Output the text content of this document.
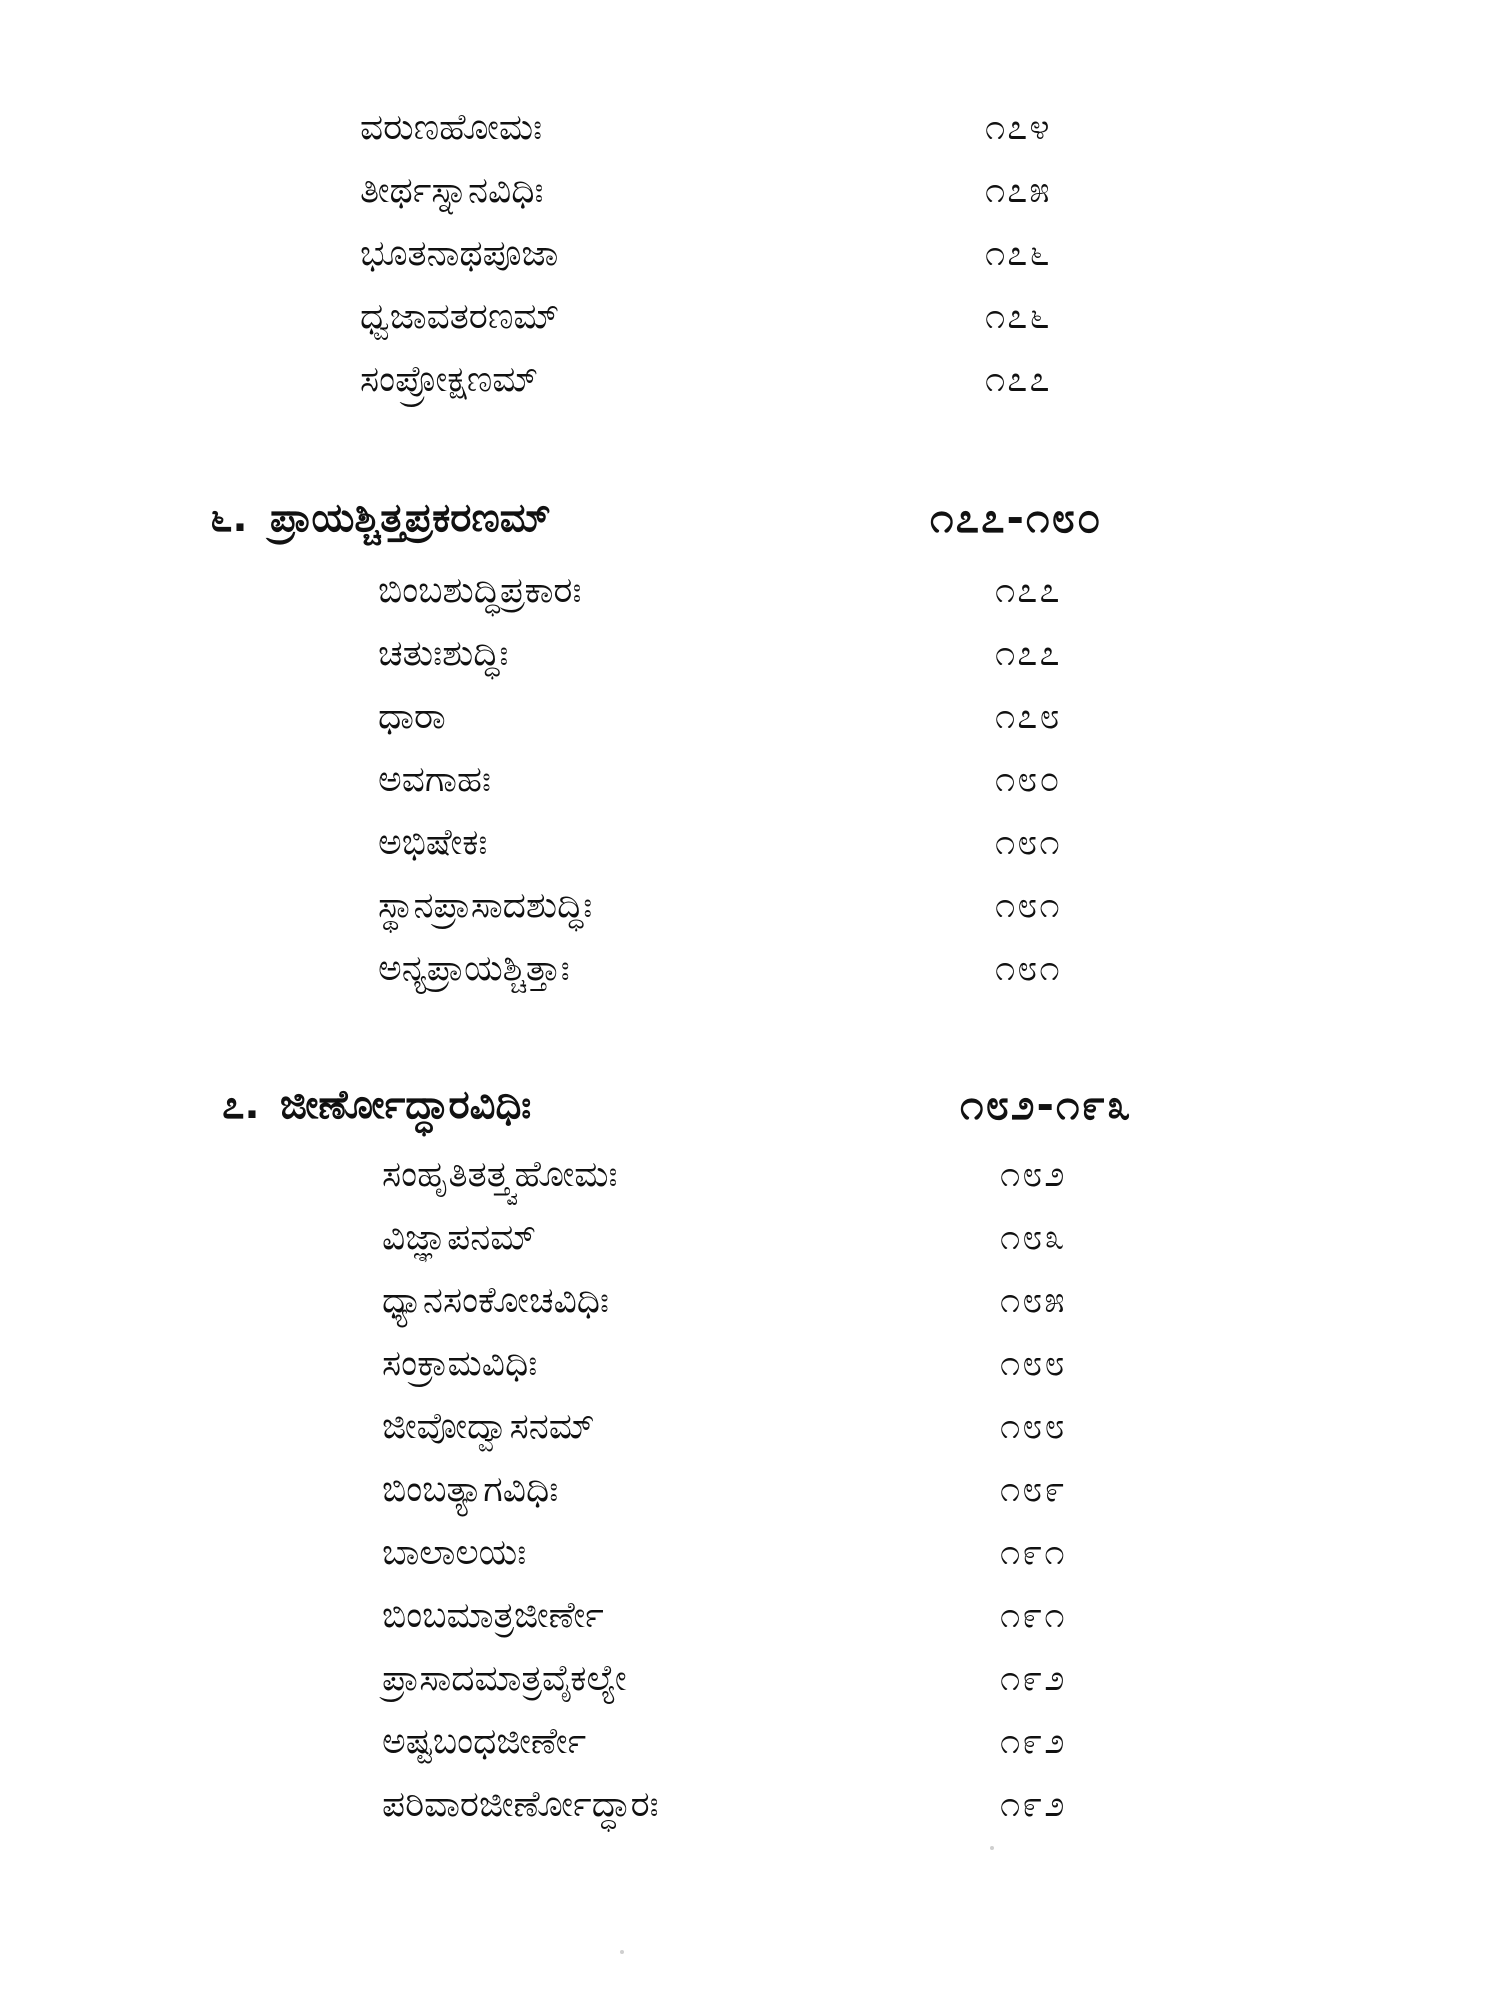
ವರುಣಹೋಮಃ	೧೭೪
ತೀರ್ಥಸ್ನಾನವಿಧಿಃ	೧೭೫
ಭೂತನಾಥಪೂಜಾ	೧೭೬
ಧ್ವಜಾವತರಣಮ್	೧೭೬
ಸಂಪ್ರೋಕ್ಷಣಮ್	೧೭೭
೬. ಪ್ರಾಯಶ್ಚಿತ್ತಪ್ರಕರಣಮ್	೧೭೭-೧೮೦
ಬಿಂಬಶುದ್ಧಿಪ್ರಕಾರಃ	೧೭೭
ಚತುಃಶುದ್ಧಿಃ	೧೭೭
ಧಾರಾ	೧೭೮
ಅವಗಾಹಃ	೧೮೦
ಅಭಿಷೇಕಃ	೧೮೧
ಸ್ಥಾನಪ್ರಾಸಾದಶುದ್ಧಿಃ	೧೮೧
ಅನ್ಯಪ್ರಾಯಶ್ಚಿತ್ತಾಃ	೧೮೧
೭. ಜೀರ್ಣೋದ್ಧಾರವಿಧಿಃ	೧೮೨-೧೯೩
ಸಂಹೃತಿತತ್ತ್ವಹೋಮಃ	೧೮೨
ವಿಜ್ಞಾಪನಮ್	೧೮೩
ಧ್ಯಾನಸಂಕೋಚವಿಧಿಃ	೧೮೫
ಸಂಕ್ರಾಮವಿಧಿಃ	೧೮೮
ಜೀವೋದ್ವಾಸನಮ್	೧೮೮
ಬಿಂಬತ್ಯಾಗವಿಧಿಃ	೧೮೯
ಬಾಲಾಲಯಃ	೧೯೧
ಬಿಂಬಮಾತ್ರಜೀರ್ಣೇ	೧೯೧
ಪ್ರಾಸಾದಮಾತ್ರವೈಕಲ್ಯೇ	೧೯೨
ಅಷ್ಟಬಂಧಜೀರ್ಣೇ	೧೯೨
ಪರಿವಾರಜೀರ್ಣೋದ್ಧಾರಃ	೧೯೨
